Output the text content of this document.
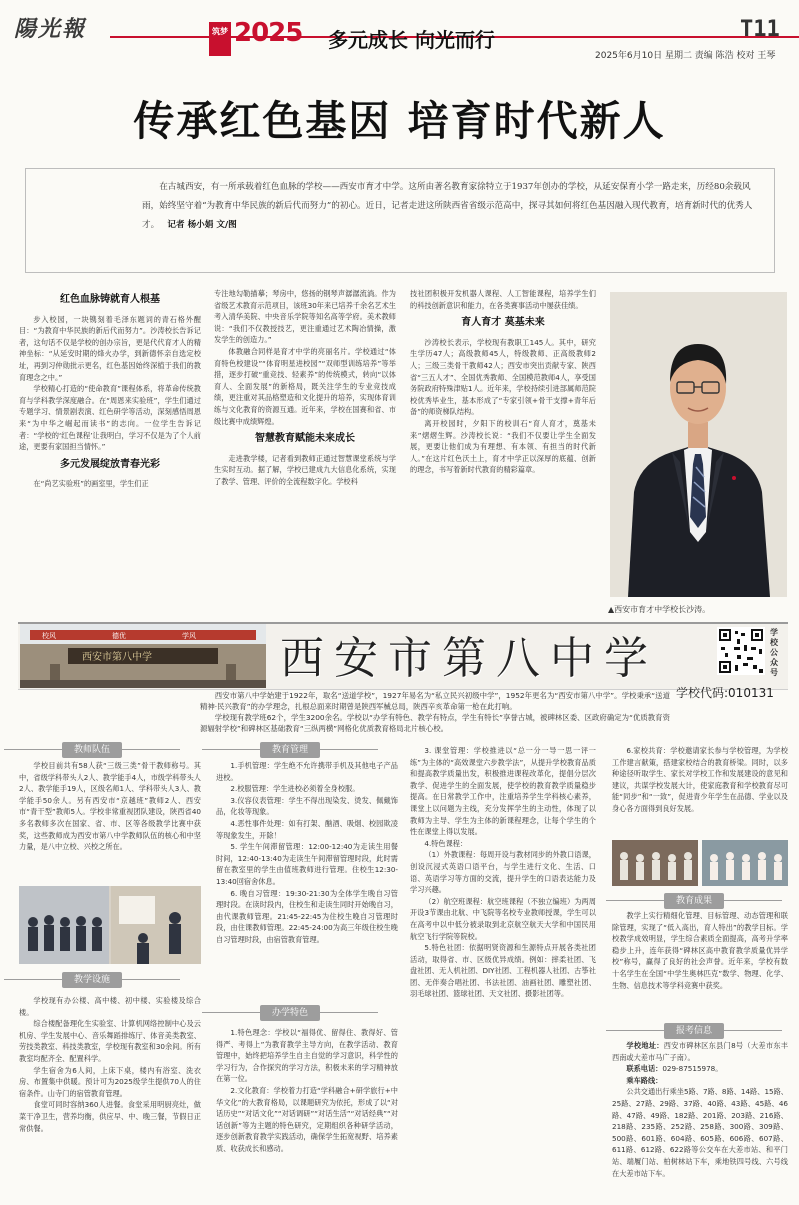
陽光報	筑梦 2025 多元成长 向光而行	T11
2025年6月10日 星期二 责编 陈浩 校对 王琴
传承红色基因 培育时代新人

在古城西安，有一所承载着红色血脉的学校——西安市育才中学。这所由著名教育家徐特立于1937年创办的学校，从延安保育小学一路走来，历经80余载风雨，始终坚守着“为教育中华民族的新后代而努力”的初心。近日，记者走进这所陕西省省级示范高中，探寻其如何将红色基因融入现代教育，培育新时代的优秀人才。 记者 杨小娟 文/图

红色血脉铸就育人根基

步入校园，一块镌刻着毛泽东题词的青石格外醒目：“为教育中华民族的新后代而努力”。沙涛校长告诉记者，这句话不仅是学校的创办宗旨，更是代代育才人的精神坐标：“从延安时期的烽火办学，到新德怀亲自选定校址，再到习仲勋批示更名，红色基因始终深植于我们的教育理念之中。”

学校精心打造的“使命教育”课程体系，将革命传统教育与学科教学深度融合。在“周恩来实验班”，学生们通过专题学习、情景剧表演、红色研学等活动，深刻感悟周恩来“为中华之崛起而读书”的志向。一位学生告诉记者：“学校的‘红色课程’让我明白，学习不仅是为了个人前途，更要有家国担当情怀。”

多元发展绽放青春光彩

在“尚艺实验班”的画室里，学生们正

专注地勾勒描摹；琴房中，悠扬的钢琴声潺潺流淌。作为省级艺术教育示范项目，该班30年来已培养千余名艺术生考入清华美院、中央音乐学院等知名高等学府。美术教师说：“我们不仅教授技艺，更注重通过艺术陶冶情操，激发学生的创造力。”

体教融合同样是育才中学的亮丽名片。学校通过“体育特色校建设”“体育明星进校园”“双师型训练培养”等举措，逐步打破“重竞技、轻素养”的传统模式，转向“以体育人、全面发展”的新格局，既关注学生的专业竞技成绩，更注重对其品格塑造和文化提升的培养，实现体育训练与文化教育的资源互通。近年来，学校在国赛和省、市级比赛中成绩辉煌。

智慧教育赋能未来成长

走进教学楼，记者看到教师正通过智慧课堂系统与学生实时互动。据了解，学校已建成九大信息化系统，实现了教学、管理、评价的全流程数字化。学校科

技社团积极开发机器人课程、人工智能课程，培养学生们的科技创新意识和能力，在各类赛事活动中屡获佳绩。

育人育才 莫基未来

沙涛校长表示，学校现有教职工145人。其中，研究生学历47人；高级教师45人，特级教师、正高级教师2人；三级三类骨干教师42人；西安市突出贡献专家、陕西省“三五人才”、全国优秀教师、全国模范教师4人，享受国务院政府特殊津贴1人。近年来，学校持续引进部属师范院校优秀毕业生，基本形成了“专家引领+骨干支撑+青年后备”的师资梯队结构。

离开校园时，夕阳下的校训石“育人育才，奠基未来”熠熠生辉。沙涛校长说：“我们不仅要让学生全面发展，更要让他们成为有理想、有本领、有担当的时代新人。”在这片红色沃土上，育才中学正以深厚的底蕴、创新的理念，书写着新时代教育的精彩篇章。

▲西安市育才中学校长沙涛。
校风	德优	学风
西安市第八中学	西安市第八中学
学校公众号
学校代码:010131

西安市第八中学始建于1922年，取名“送道学校”，1927年易名为“私立民兴初级中学”，1952年更名为“西安市第八中学”。学校秉承“送道精神·民兴教育”的办学理念，扎根总面来时期曾是陕西军械总局，陕西辛亥革命第一枪在此打响。

学校现有教学班62个，学生3200余名。学校以“办学有特色、教学有特点，学生有特长”享誉古城，被碑林区委、区政府确定为“优质教育资源辐射学校”和碑林区基础教育“三纵两横”网格化优质教育格局北片核心校。

教师队伍	教育管理
教学设施
办学特色
教育成果
报考信息

学校目前共有58人获“三级三类”骨干教师称号。其中，省级学科带头人2人、教学能手4人，市级学科带头人2人、教学能手19人，区级名师1人、学科带头人3人、教学能手50余人。另有西安市“京越班”教师2人、西安市“青干型”教师5人。学校非常重视团队建设，陕西省40多名教师多次在国家、省、市、区等各级教学比赛中获奖，这些教师成为西安市第八中学教师队伍的核心和中坚力量，是八中立校、兴校之所在。

学校现有办公楼、高中楼、初中楼、实验楼及综合楼。

综合楼配备理化生实验室、计算机网络控制中心及云机房、学生发展中心、音乐舞蹈排练厅、体音美类教室、劳技类教室、科技类教室，学校现有教室和30余间。所有教室均配齐全、配置科学。

学生宿舍为6人间，上床下桌，楼内有浴室、洗衣房、布置集中供暖。预计可为2025级学生提供70人的住宿条件。山寺门的宿管教育管理。

食堂可同时容纳360人进餐。食堂采用明厨亮灶，做菜干净卫生，营养均衡，供应早、中、晚三餐，节假日正常供餐。

1.手机管理：学生绝不允许携带手机及其他电子产品进校。

2.校服管理：学生进校必须着全身校服。

3.仪容仪表管理：学生不得出现染发、烫发、佩戴饰品，化妆等现象。

4.恶性事件处理：如有打架、酗酒、吸烟、校园欺凌等现象发生，开除！

5. 学生午间滞留管理：12:00-12:40为走读生用餐时间，12:40-13:40为走读生午间滞留管理时段，此时需留在教室里的学生由值班教师进行管理。住校生12:30-13:40回宿舍休息。

6. 晚自习管理：19:30-21:30为全体学生晚自习管理时段。在读时段内，住校生和走读生同时开始晚自习，由代课教师管理。21:45-22:45为住校生晚自习管理时段，由住课教师管理。22:45-24:00为高三年级住校生晚自习管理时段，由宿管教育管理。

1.特色理念：学校以“福得优、留得住、教得好、管得严、考得上”为教育教学主导方向，在教学活动、教育管理中，始终把培养学生自主自觉的学习意识，科学性的学习行为，合作探究的学习方法，积极未来的学习精神放在第一位。

2.文化教育：学校着力打造“学科融合+研学旅行+中华文化”的大教育格局，以课题研究为依托，形成了以“对话历史”“对话文化”“对话调研”“对话生活”“对话经典”“对话创新”等为主题的特色研究，定期组织各种研学活动，逐步创新教育教学实践活动，确保学生拓宽视野、培养素质、收获成长和感动。

3. 课堂管理：学校推进以“总一分一导一思一评一练”为主体的“高效课堂六步教学法”，从提升学校教育品质和提高教学质量出发，积极推进课程改革化，提倡分层次教学、促进学生的全面发展，使学校的教育教学质量稳步提高。在日常教学工作中，注重培养学生学科核心素养，课堂上以问题为主线，充分发挥学生的主动性，体现了以教师为主导、学生为主体的新课程理念，让每个学生的个性在课堂上得以发展。

4.特色课程：

（1）外教课程：每周开设与教材同步的外教口语课，创设沉浸式英语口语平台，与学生进行文化、生活、口语、英语学习等方面的交流，提升学生的口语表达能力及学习兴趣。

（2）航空班课程：航空班课程（不独立编班）为两周开设3节课由北航、中飞院等名校专业教师授课，学生可以在高考中以中低分被录取到北京航空航天大学和中国民用航空飞行学院等院校。

5.特色社团：依据明贤资源和生源特点开展各类社团活动，取得省、市、区级优异成绩。例如：摔柔社团、飞盘社团、无人机社团、DIY社团、工程机器人社团、古筝社团、无伴奏合唱社团、书法社团、油画社团、雕塑社团、羽毛球社团、篮球社团、天文社团、摄影社团等。

6.家校共育：学校邀请家长参与学校管理，为学校工作建言献策，搭建家校结合的教育桥梁。同时，以多种途径听取学生、家长对学校工作和发展建设的意见和建议，共谋学校发展大计，使家庭教育和学校教育尽可能“同步”和“一致”，促进青少年学生在品德、学业以及身心各方面得到良好发展。

教学上实行精细化管理、目标管理、动态管理和联除管理，实现了“低入高出，育人特出”的教学目标。学校教学成效明显，学生综合素质全面提高，高考升学率稳步上升，连年获得“碑林区高中教育教学质量优异学校”称号，赢得了良好的社会声誉。近年来，学校有数十名学生在全国“中学生奥林匹克”数学、物理、化学、生物、信息技术等学科竞赛中获奖。

学校地址：西安市碑林区东县门8号（大差市东丰西南或大差市马广子南）。

联系电话：029-87515978。

乘车路线：

公共交通出行乘坐5路、7路、8路、14路、15路、25路、27路、29路、37路、40路、43路、45路、46路、47路、49路、182路、201路、203路、216路、218路、235路、252路、258路、300路、309路、500路、601路、604路、605路、606路、607路、611路、612路、622路等公交车在大差市站、和平门站、端履门站、柏树林站下车，乘地铁四号线、六号线在大差市站下车。
